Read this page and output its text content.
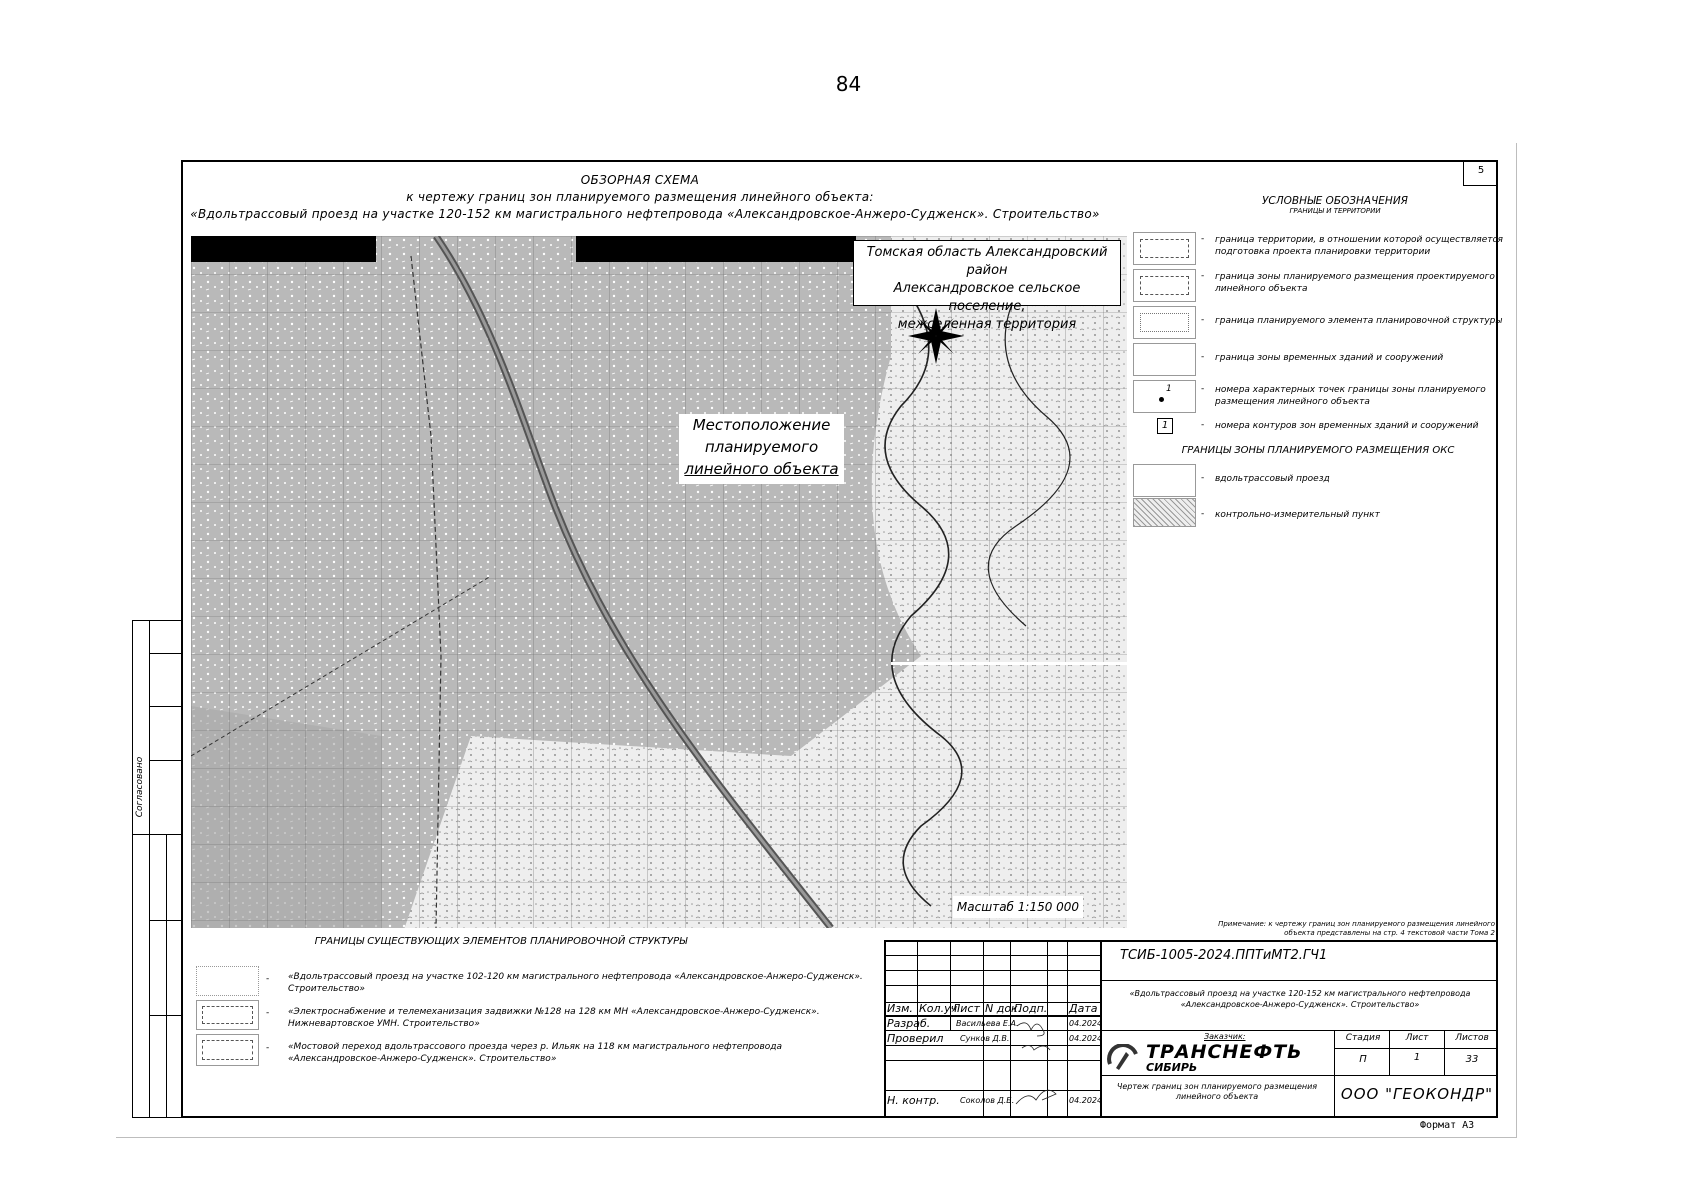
84
5
ОБЗОРНАЯ СХЕМА
к чертежу границ зон планируемого размещения линейного объекта:
«Вдольтрассовый проезд на участке 120-152 км магистрального нефтепровода «Александровское-Анжеро-Судженск». Строительство»
Томская область Александровский район
Александровское сельское поселение,
межселенная территория
Местоположение
планируемого
линейного объекта
Масштаб 1:150 000
УСЛОВНЫЕ ОБОЗНАЧЕНИЯ
ГРАНИЦЫ И ТЕРРИТОРИИ
- граница территории, в отношении которой осуществляется подготовка проекта планировки территории
- граница зоны планируемого размещения проектируемого линейного объекта
- граница планируемого элемента планировочной структуры
- граница зоны временных зданий и сооружений
1	- номера характерных точек границы зоны планируемого размещения линейного объекта
1	- номера контуров зон временных зданий и сооружений
ГРАНИЦЫ ЗОНЫ ПЛАНИРУЕМОГО РАЗМЕЩЕНИЯ ОКС
- вдольтрассовый проезд
- контрольно-измерительный пункт
Примечание: к чертежу границ зон планируемого размещения линейного
объекта представлены на стр. 4 текстовой части Тома 2
ГРАНИЦЫ СУЩЕСТВУЮЩИХ ЭЛЕМЕНТОВ ПЛАНИРОВОЧНОЙ СТРУКТУРЫ
- «Вдольтрассовый проезд на участке 102-120 км магистрального нефтепровода «Александровское-Анжеро-Судженск».
Строительство»
- «Электроснабжение и телемеханизация задвижки №128 на 128 км МН «Александровское-Анжеро-Судженск».
Нижневартовское УМН. Строительство»
- «Мостовой переход вдольтрассового проезда через р. Ильяк на 118 км магистрального нефтепровода
«Александровское-Анжеро-Судженск». Строительство»
ТСИБ-1005-2024.ППТиМТ2.ГЧ1
«Вдольтрассовый проезд на участке 120-152 км магистрального нефтепровода
«Александровское-Анжеро-Судженск». Строительство»
Изм. Кол.уч
Лист N док.
Подп. Дата
Разраб.	Васильева Е.А.	04.2024
Проверил Сунков Д.В.	04.2024
Н. контр.	Соколов Д.Б.	04.2024
Заказчик:
ТРАНСНЕФТЬ
СИБИРЬ
Стадия	Лист	Листов
П	1	33
Чертеж границ зон планируемого размещения
линейного объекта	ООО "ГЕОКОНДР"
Формат А3
Согласовано
